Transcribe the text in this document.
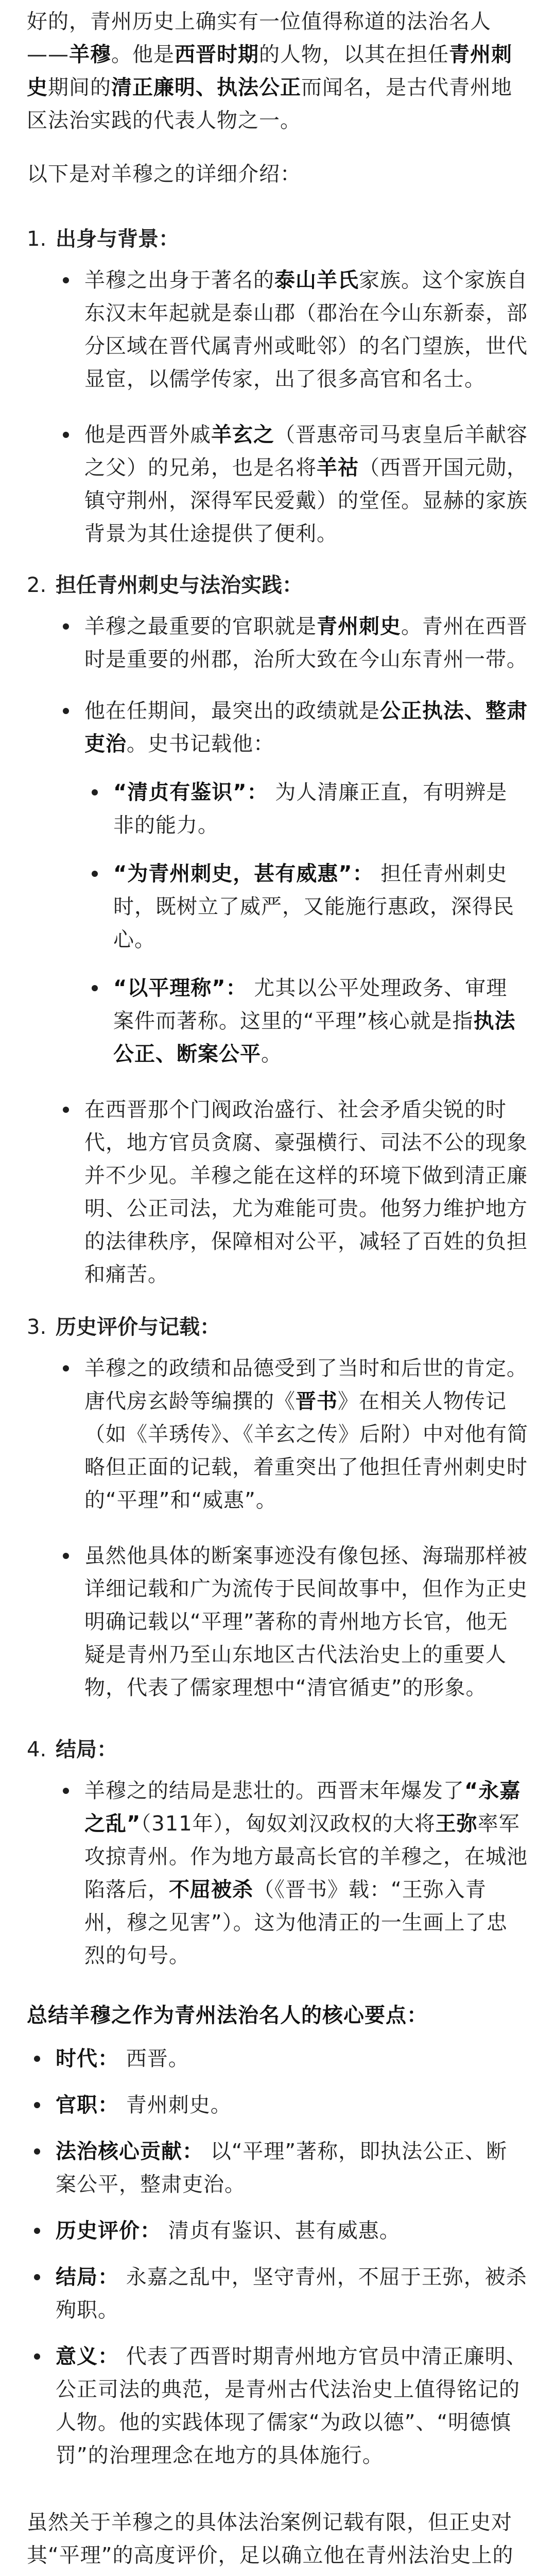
好的，青州历史上确实有一位值得称道的法治名人——羊穆。他是西晋时期的人物，以其在担任青州刺史期间的清正廉明、执法公正而闻名，是古代青州地区法治实践的代表人物之一。

以下是对羊穆之的详细介绍：

1. 出身与背景：
羊穆之出身于著名的泰山羊氏家族。这个家族自东汉末年起就是泰山郡（郡治在今山东新泰，部分区域在晋代属青州或毗邻）的名门望族，世代显宦，以儒学传家，出了很多高官和名士。
他是西晋外戚羊玄之（晋惠帝司马衷皇后羊献容之父）的兄弟，也是名将羊祜（西晋开国元勋，镇守荆州，深得军民爱戴）的堂侄。显赫的家族背景为其仕途提供了便利。
2. 担任青州刺史与法治实践：
羊穆之最重要的官职就是青州刺史。青州在西晋时是重要的州郡，治所大致在今山东青州一带。
他在任期间，最突出的政绩就是公正执法、整肃吏治。史书记载他：
“清贞有鉴识”： 为人清廉正直，有明辨是非的能力。
“为青州刺史，甚有威惠”： 担任青州刺史时，既树立了威严，又能施行惠政，深得民心。
“以平理称”： 尤其以公平处理政务、审理案件而著称。这里的“平理”核心就是指执法公正、断案公平。
在西晋那个门阀政治盛行、社会矛盾尖锐的时代，地方官员贪腐、豪强横行、司法不公的现象并不少见。羊穆之能在这样的环境下做到清正廉明、公正司法，尤为难能可贵。他努力维护地方的法律秩序，保障相对公平，减轻了百姓的负担和痛苦。
3. 历史评价与记载：
羊穆之的政绩和品德受到了当时和后世的肯定。唐代房玄龄等编撰的《晋书》在相关人物传记（如《羊琇传》、《羊玄之传》后附）中对他有简略但正面的记载，着重突出了他担任青州刺史时的“平理”和“威惠”。
虽然他具体的断案事迹没有像包拯、海瑞那样被详细记载和广为流传于民间故事中，但作为正史明确记载以“平理”著称的青州地方长官，他无疑是青州乃至山东地区古代法治史上的重要人物，代表了儒家理想中“清官循吏”的形象。
4. 结局：
羊穆之的结局是悲壮的。西晋末年爆发了“永嘉之乱”（311年），匈奴刘汉政权的大将王弥率军攻掠青州。作为地方最高长官的羊穆之，在城池陷落后，不屈被杀（《晋书》载：“王弥入青州，穆之见害”）。这为他清正的一生画上了忠烈的句号。

总结羊穆之作为青州法治名人的核心要点：

时代： 西晋。
官职： 青州刺史。
法治核心贡献： 以“平理”著称，即执法公正、断案公平，整肃吏治。
历史评价： 清贞有鉴识、甚有威惠。
结局： 永嘉之乱中，坚守青州，不屈于王弥，被杀殉职。
意义： 代表了西晋时期青州地方官员中清正廉明、公正司法的典范，是青州古代法治史上值得铭记的人物。他的实践体现了儒家“为政以德”、“明德慎罚”的治理理念在地方的具体施行。

虽然关于羊穆之的具体法治案例记载有限，但正史对其“平理”的高度评价，足以确立他在青州法治史上的
